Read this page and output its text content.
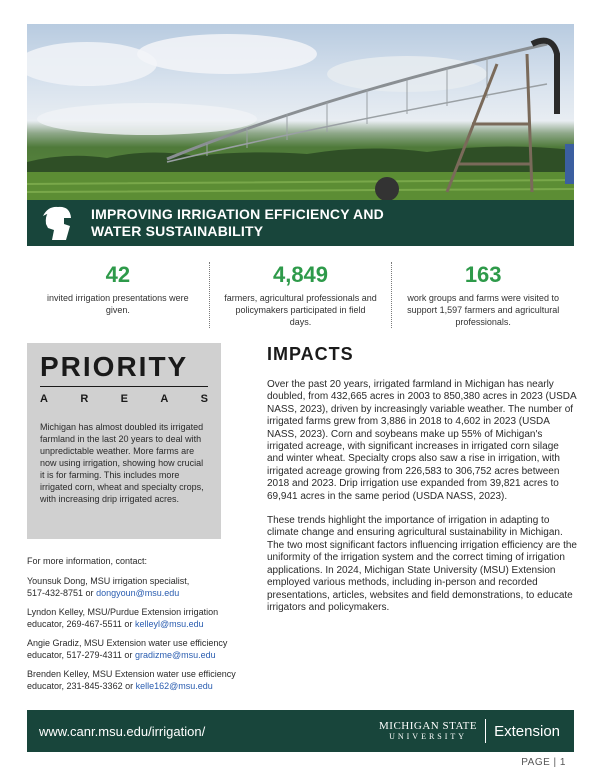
IMPROVING IRRIGATION EFFICIENCY AND
WATER SUSTAINABILITY
42
invited irrigation presentations were given.
4,849
farmers, agricultural professionals and policymakers participated in field days.
163
work groups and farms were visited to support 1,597 farmers and agricultural professionals.
PRIORITY
A	R	E	A	S
Michigan has almost doubled its irrigated farmland in the last 20 years to deal with unpredictable weather. More farms are now using irrigation, showing how crucial it is for farming. This includes more irrigated corn, wheat and specialty crops, with increasing drip irrigated acres.
For more information, contact:
Younsuk Dong, MSU irrigation specialist,
517-432-8751 or dongyoun@msu.edu
Lyndon Kelley, MSU/Purdue Extension irrigation
educator, 269-467-5511 or kelleyl@msu.edu
Angie Gradiz, MSU Extension water use efficiency
educator, 517-279-4311 or gradizme@msu.edu
Brenden Kelley, MSU Extension water use efficiency
educator, 231-845-3362 or kelle162@msu.edu
IMPACTS

Over the past 20 years, irrigated farmland in Michigan has nearly doubled, from 432,665 acres in 2003 to 850,380 acres in 2023 (USDA NASS, 2023), driven by increasingly variable weather. The number of irrigated farms grew from 3,886 in 2018 to 4,602 in 2023 (USDA NASS, 2023). Corn and soybeans make up 55% of Michigan's irrigated acreage, with significant increases in irrigated corn silage and winter wheat. Specialty crops also saw a rise in irrigation, with irrigated acreage growing from 226,583 to 306,752 acres between 2018 and 2023. Drip irrigation use expanded from 39,821 acres to 69,941 acres in the same period (USDA NASS, 2023).

These trends highlight the importance of irrigation in adapting to climate change and ensuring agricultural sustainability in Michigan. The two most significant factors influencing irrigation efficiency are the uniformity of the irrigation system and the correct timing of irrigation applications. In 2024, Michigan State University (MSU) Extension employed various methods, including in-person and recorded presentations, articles, websites and field demonstrations, to educate irrigators and policymakers.

www.canr.msu.edu/irrigation/	MICHIGAN STATE
UNIVERSITY	Extension
PAGE | 1
